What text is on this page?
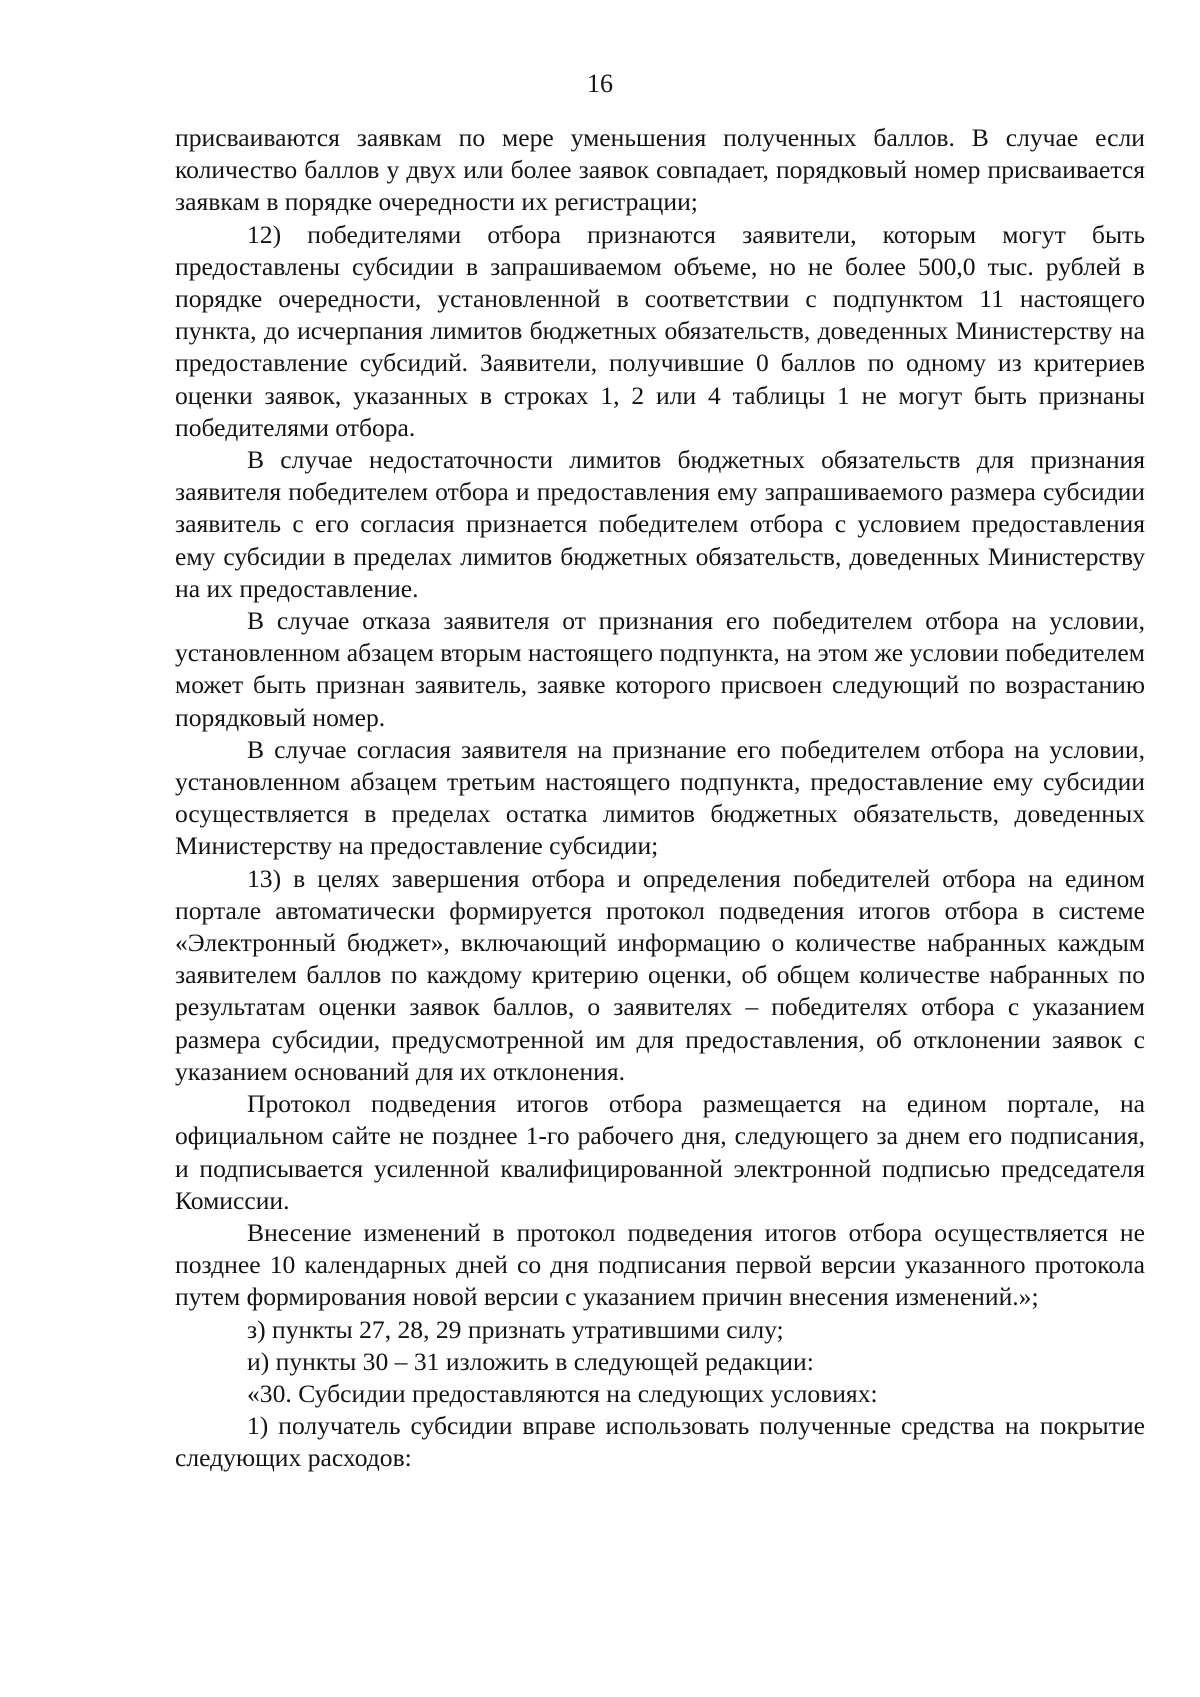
16

присваиваются заявкам по мере уменьшения полученных баллов. В случае если количество баллов у двух или более заявок совпадает, порядковый номер присваивается заявкам в порядке очередности их регистрации;

12) победителями отбора признаются заявители, которым могут быть предоставлены субсидии в запрашиваемом объеме, но не более 500,0 тыс. рублей в порядке очередности, установленной в соответствии с подпунктом 11 настоящего пункта, до исчерпания лимитов бюджетных обязательств, доведенных Министерству на предоставление субсидий. Заявители, получившие 0 баллов по одному из критериев оценки заявок, указанных в строках 1, 2 или 4 таблицы 1 не могут быть признаны победителями отбора.

В случае недостаточности лимитов бюджетных обязательств для признания заявителя победителем отбора и предоставления ему запрашиваемого размера субсидии заявитель с его согласия признается победителем отбора с условием предоставления ему субсидии в пределах лимитов бюджетных обязательств, доведенных Министерству на их предоставление.

В случае отказа заявителя от признания его победителем отбора на условии, установленном абзацем вторым настоящего подпункта, на этом же условии победителем может быть признан заявитель, заявке которого присвоен следующий по возрастанию порядковый номер.

В случае согласия заявителя на признание его победителем отбора на условии, установленном абзацем третьим настоящего подпункта, предоставление ему субсидии осуществляется в пределах остатка лимитов бюджетных обязательств, доведенных Министерству на предоставление субсидии;

13) в целях завершения отбора и определения победителей отбора на едином портале автоматически формируется протокол подведения итогов отбора в системе «Электронный бюджет», включающий информацию о количестве набранных каждым заявителем баллов по каждому критерию оценки, об общем количестве набранных по результатам оценки заявок баллов, о заявителях – победителях отбора с указанием размера субсидии, предусмотренной им для предоставления, об отклонении заявок с указанием оснований для их отклонения.

Протокол подведения итогов отбора размещается на едином портале, на официальном сайте не позднее 1-го рабочего дня, следующего за днем его подписания, и подписывается усиленной квалифицированной электронной подписью председателя Комиссии.

Внесение изменений в протокол подведения итогов отбора осуществляется не позднее 10 календарных дней со дня подписания первой версии указанного протокола путем формирования новой версии с указанием причин внесения изменений.»;

з) пункты 27, 28, 29 признать утратившими силу;

и) пункты 30 – 31 изложить в следующей редакции:

«30. Субсидии предоставляются на следующих условиях:

1) получатель субсидии вправе использовать полученные средства на покрытие следующих расходов:
